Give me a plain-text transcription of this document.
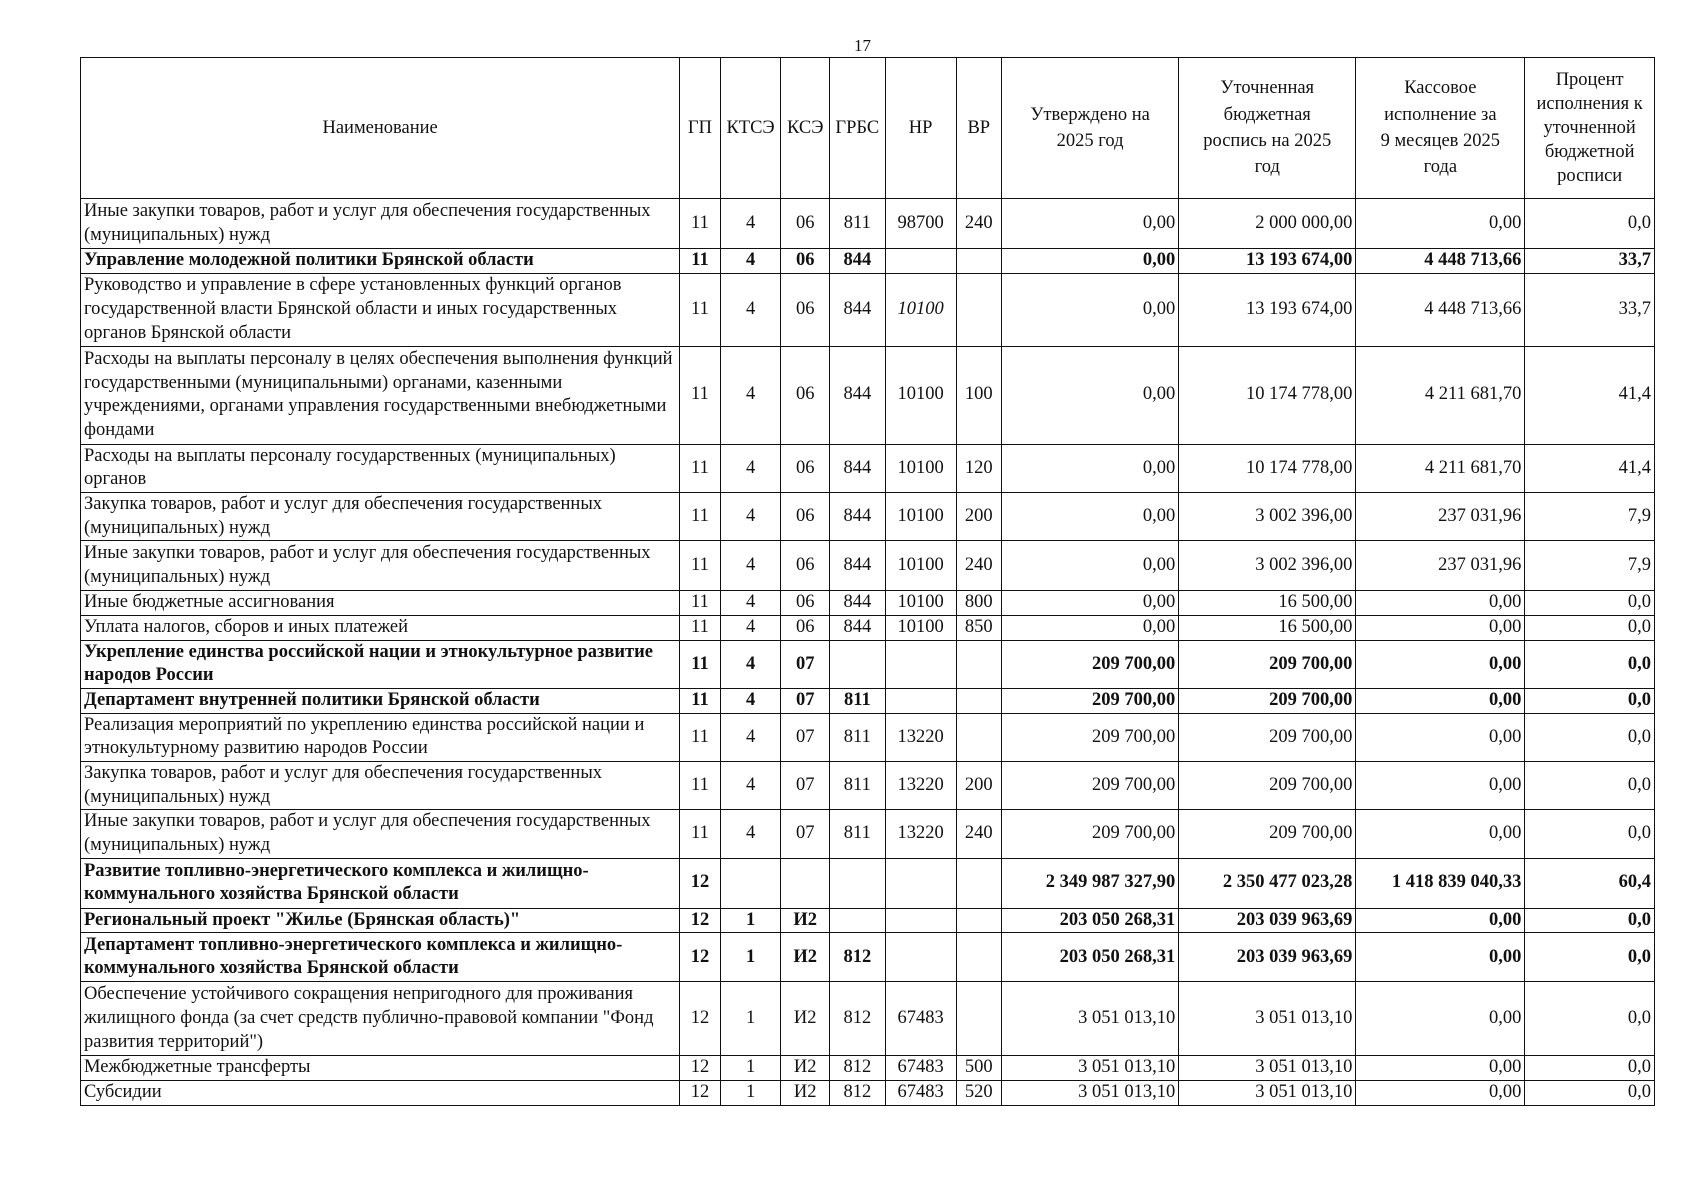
17
Наименование	ГП	КТСЭ	КСЭ	ГРБС	НР	ВР	Утверждено на 2025 год	Уточненная бюджетная роспись на 2025 год	Кассовое исполнение за 9 месяцев 2025 года	Процент исполнения к уточненной бюджетной росписи
Иные закупки товаров, работ и услуг для обеспечения государственных (муниципальных) нужд	11	4	06	811	98700	240	0,00	2 000 000,00	0,00	0,0
Управление молодежной политики Брянской области	11	4	06	844			0,00	13 193 674,00	4 448 713,66	33,7
Руководство и управление в сфере установленных функций органов государственной власти Брянской области и иных государственных органов Брянской области	11	4	06	844	10100		0,00	13 193 674,00	4 448 713,66	33,7
Расходы на выплаты персоналу в целях обеспечения выполнения функций государственными (муниципальными) органами, казенными учреждениями, органами управления государственными внебюджетными фондами	11	4	06	844	10100	100	0,00	10 174 778,00	4 211 681,70	41,4
Расходы на выплаты персоналу государственных (муниципальных) органов	11	4	06	844	10100	120	0,00	10 174 778,00	4 211 681,70	41,4
Закупка товаров, работ и услуг для обеспечения государственных (муниципальных) нужд	11	4	06	844	10100	200	0,00	3 002 396,00	237 031,96	7,9
Иные закупки товаров, работ и услуг для обеспечения государственных (муниципальных) нужд	11	4	06	844	10100	240	0,00	3 002 396,00	237 031,96	7,9
Иные бюджетные ассигнования	11	4	06	844	10100	800	0,00	16 500,00	0,00	0,0
Уплата налогов, сборов и иных платежей	11	4	06	844	10100	850	0,00	16 500,00	0,00	0,0
Укрепление единства российской нации и этнокультурное развитие народов России	11	4	07				209 700,00	209 700,00	0,00	0,0
Департамент внутренней политики Брянской области	11	4	07	811			209 700,00	209 700,00	0,00	0,0
Реализация мероприятий по укреплению единства российской нации и этнокультурному развитию народов России	11	4	07	811	13220		209 700,00	209 700,00	0,00	0,0
Закупка товаров, работ и услуг для обеспечения государственных (муниципальных) нужд	11	4	07	811	13220	200	209 700,00	209 700,00	0,00	0,0
Иные закупки товаров, работ и услуг для обеспечения государственных (муниципальных) нужд	11	4	07	811	13220	240	209 700,00	209 700,00	0,00	0,0
Развитие топливно-энергетического комплекса и жилищно-коммунального хозяйства Брянской области	12						2 349 987 327,90	2 350 477 023,28	1 418 839 040,33	60,4
Региональный проект "Жилье (Брянская область)"	12	1	И2				203 050 268,31	203 039 963,69	0,00	0,0
Департамент топливно-энергетического комплекса и жилищно-коммунального хозяйства Брянской области	12	1	И2	812			203 050 268,31	203 039 963,69	0,00	0,0
Обеспечение устойчивого сокращения непригодного для проживания жилищного фонда (за счет средств публично-правовой компании "Фонд развития территорий")	12	1	И2	812	67483		3 051 013,10	3 051 013,10	0,00	0,0
Межбюджетные трансферты	12	1	И2	812	67483	500	3 051 013,10	3 051 013,10	0,00	0,0
Субсидии	12	1	И2	812	67483	520	3 051 013,10	3 051 013,10	0,00	0,0
